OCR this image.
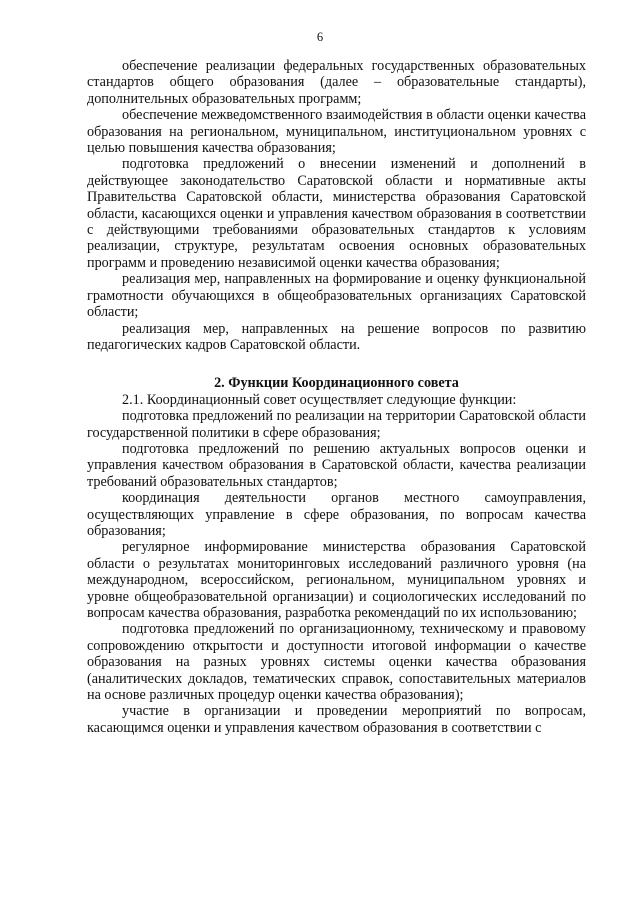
6

обеспечение реализации федеральных государственных образовательных стандартов общего образования (далее – образовательные стандарты), дополнительных образовательных программ;

обеспечение межведомственного взаимодействия в области оценки качества образования на региональном, муниципальном, институциональном уровнях с целью повышения качества образования;

подготовка предложений о внесении изменений и дополнений в действующее законодательство Саратовской области и нормативные акты Правительства Саратовской области, министерства образования Саратовской области, касающихся оценки и управления качеством образования в соответствии с действующими требованиями образовательных стандартов к условиям реализации, структуре, результатам освоения основных образовательных программ и проведению независимой оценки качества образования;

реализация мер, направленных на формирование и оценку функциональной грамотности обучающихся в общеобразовательных организациях Саратовской области;

реализация мер, направленных на решение вопросов по развитию педагогических кадров Саратовской области.

2. Функции Координационного совета

2.1. Координационный совет осуществляет следующие функции:

подготовка предложений по реализации на территории Саратовской области государственной политики в сфере образования;

подготовка предложений по решению актуальных вопросов оценки и управления качеством образования в Саратовской области, качества реализации требований образовательных стандартов;

координация деятельности органов местного самоуправления, осуществляющих управление в сфере образования, по вопросам качества образования;

регулярное информирование министерства образования Саратовской области о результатах мониторинговых исследований различного уровня (на международном, всероссийском, региональном, муниципальном уровнях и уровне общеобразовательной организации) и социологических исследований по вопросам качества образования, разработка рекомендаций по их использованию;

подготовка предложений по организационному, техническому и правовому сопровождению открытости и доступности итоговой информации о качестве образования на разных уровнях системы оценки качества образования (аналитических докладов, тематических справок, сопоставительных материалов на основе различных процедур оценки качества образования);

участие в организации и проведении мероприятий по вопросам, касающимся оценки и управления качеством образования в соответствии с
